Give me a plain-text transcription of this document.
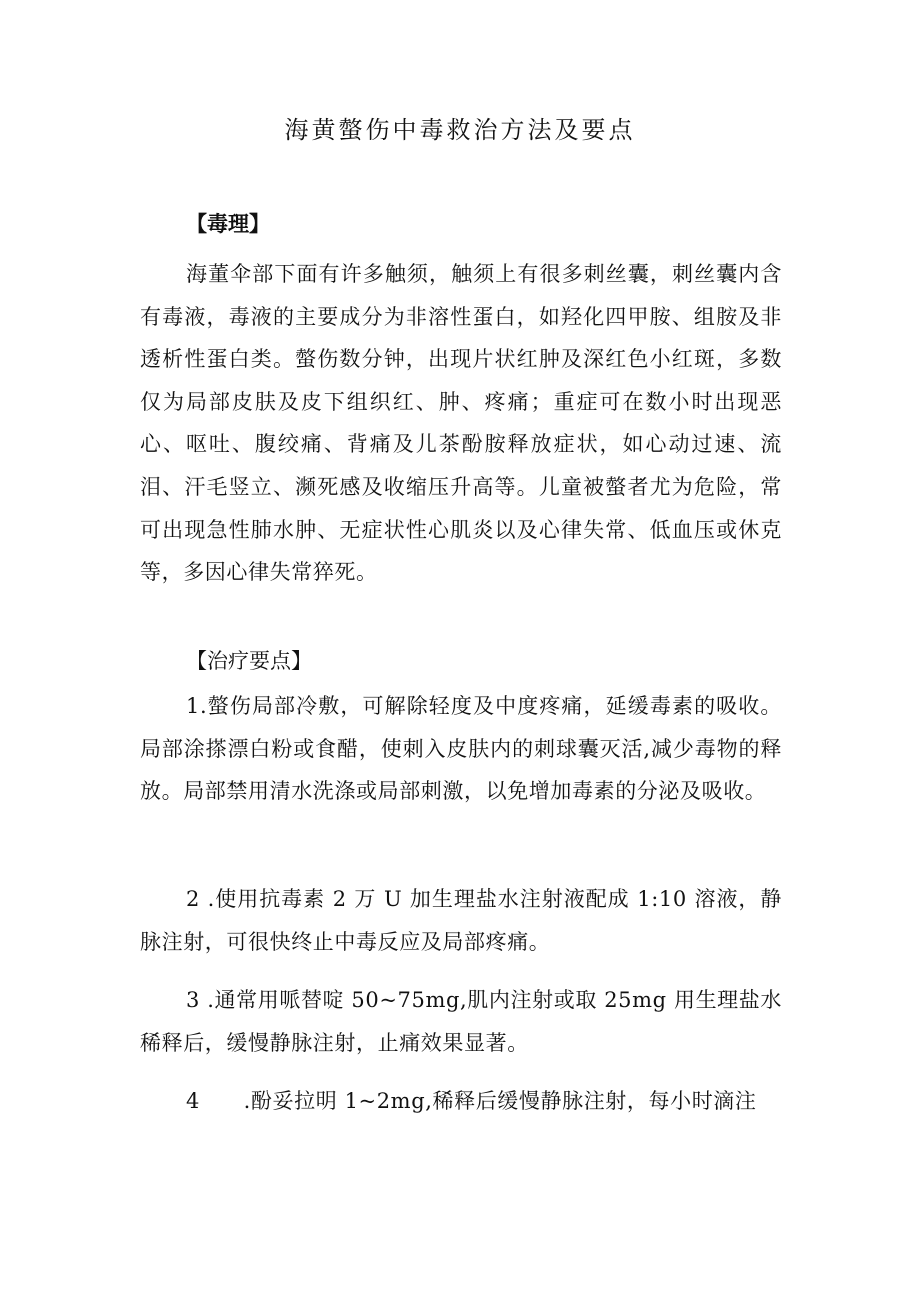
海黄螫伤中毒救治方法及要点
【毒理】

海董伞部下面有许多触须，触须上有很多刺丝囊，刺丝囊内含有毒液，毒液的主要成分为非溶性蛋白，如羟化四甲胺、组胺及非透析性蛋白类。螫伤数分钟，出现片状红肿及深红色小红斑，多数仅为局部皮肤及皮下组织红、肿、疼痛；重症可在数小时出现恶心、呕吐、腹绞痛、背痛及儿茶酚胺释放症状，如心动过速、流泪、汗毛竖立、濒死感及收缩压升高等。儿童被螫者尤为危险，常可出现急性肺水肿、无症状性心肌炎以及心律失常、低血压或休克等，多因心律失常猝死。

【治疗要点】

1.螫伤局部冷敷，可解除轻度及中度疼痛，延缓毒素的吸收。局部涂搽漂白粉或食醋，使刺入皮肤内的刺球囊灭活,减少毒物的释放。局部禁用清水洗涤或局部刺激，以免增加毒素的分泌及吸收。

2 .使用抗毒素 2 万 U 加生理盐水注射液配成 1:10 溶液，静脉注射，可很快终止中毒反应及局部疼痛。

3 .通常用哌替啶 50~75mg,肌内注射或取 25mg 用生理盐水稀释后，缓慢静脉注射，止痛效果显著。

4      .酚妥拉明 1~2mg,稀释后缓慢静脉注射，每小时滴注
